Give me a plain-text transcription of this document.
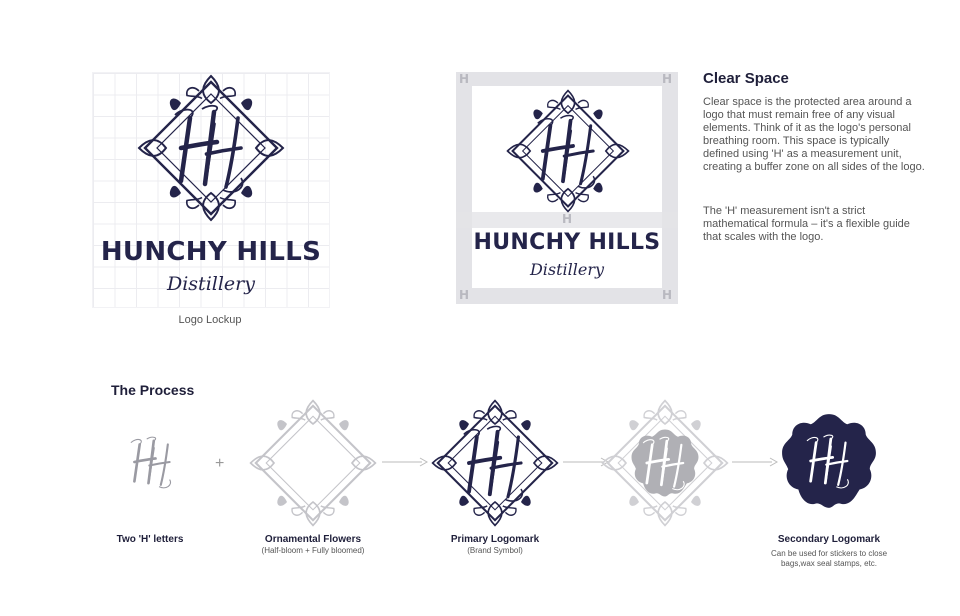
HUNCHY HILLS
Distillery
Logo Lockup
H	H
H	H
H
HUNCHY HILLS
Distillery
Clear Space
Clear space is the protected area around a logo that must remain free of any visual elements. Think of it as the logo's personal breathing room. This space is typically defined using 'H' as a measurement unit, creating a buffer zone on all sides of the logo.
The 'H' measurement isn't a strict mathematical formula – it's a flexible guide that scales with the logo.
The Process
+
Two 'H' letters	Ornamental Flowers
(Half-bloom + Fully bloomed)
Primary Logomark
(Brand Symbol)
Secondary Logomark
Can be used for stickers to close bags,wax seal stamps, etc.
